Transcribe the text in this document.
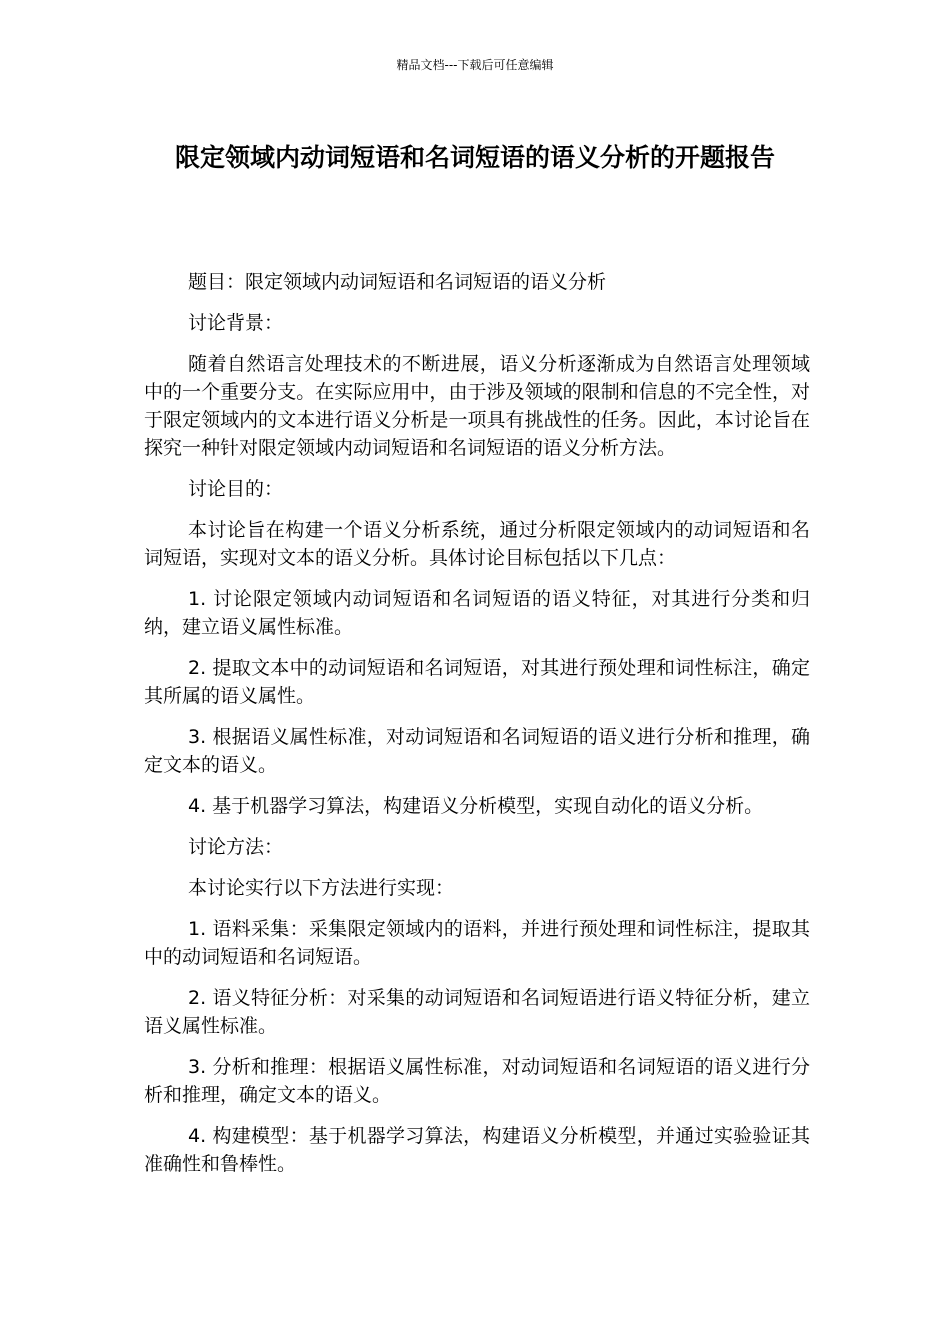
精品文档---下载后可任意编辑
限定领域内动词短语和名词短语的语义分析的开题报告

题目：限定领域内动词短语和名词短语的语义分析

讨论背景：

随着自然语言处理技术的不断进展，语义分析逐渐成为自然语言处理领域中的一个重要分支。在实际应用中，由于涉及领域的限制和信息的不完全性，对于限定领域内的文本进行语义分析是一项具有挑战性的任务。因此，本讨论旨在探究一种针对限定领域内动词短语和名词短语的语义分析方法。

讨论目的：

本讨论旨在构建一个语义分析系统，通过分析限定领域内的动词短语和名词短语，实现对文本的语义分析。具体讨论目标包括以下几点：

1. 讨论限定领域内动词短语和名词短语的语义特征，对其进行分类和归纳，建立语义属性标准。

2. 提取文本中的动词短语和名词短语，对其进行预处理和词性标注，确定其所属的语义属性。

3. 根据语义属性标准，对动词短语和名词短语的语义进行分析和推理，确定文本的语义。

4. 基于机器学习算法，构建语义分析模型，实现自动化的语义分析。

讨论方法：

本讨论实行以下方法进行实现：

1. 语料采集：采集限定领域内的语料，并进行预处理和词性标注，提取其中的动词短语和名词短语。

2. 语义特征分析：对采集的动词短语和名词短语进行语义特征分析，建立语义属性标准。

3. 分析和推理：根据语义属性标准，对动词短语和名词短语的语义进行分析和推理，确定文本的语义。

4. 构建模型：基于机器学习算法，构建语义分析模型，并通过实验验证其准确性和鲁棒性。
